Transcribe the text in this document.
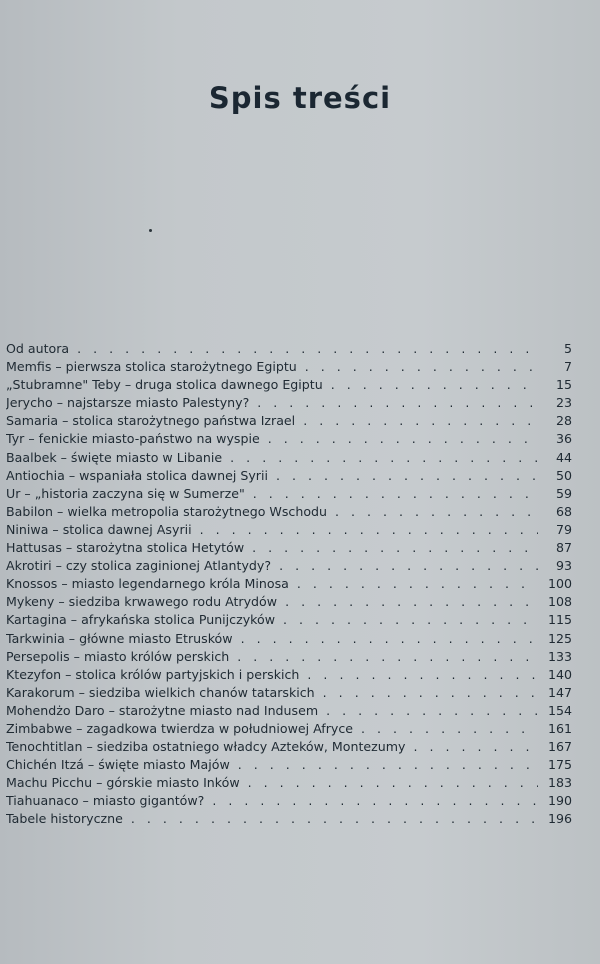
Spis treści
Od autora . . .	5
Memfis – pierwsza stolica starożytnego Egiptu . . .	7
„Stubramne" Teby – druga stolica dawnego Egiptu . . .	15
Jerycho – najstarsze miasto Palestyny? . . .	23
Samaria – stolica starożytnego państwa Izrael . . .	28
Tyr – fenickie miasto-państwo na wyspie . . .	36
Baalbek – święte miasto w Libanie . . .	44
Antiochia – wspaniała stolica dawnej Syrii . . .	50
Ur – „historia zaczyna się w Sumerze" . . .	59
Babilon – wielka metropolia starożytnego Wschodu . . .	68
Niniwa – stolica dawnej Asyrii . . .	79
Hattusas – starożytna stolica Hetytów . . .	87
Akrotiri – czy stolica zaginionej Atlantydy? . . .	93
Knossos – miasto legendarnego króla Minosa . . .	100
Mykeny – siedziba krwawego rodu Atrydów . . .	108
Kartagina – afrykańska stolica Punijczyków . . .	115
Tarkwinia – główne miasto Etrusków . . .	125
Persepolis – miasto królów perskich . . .	133
Ktezyfon – stolica królów partyjskich i perskich . . .	140
Karakorum – siedziba wielkich chanów tatarskich . . .	147
Mohendżo Daro – starożytne miasto nad Indusem . . .	154
Zimbabwe – zagadkowa twierdza w południowej Afryce . . .	161
Tenochtitlan – siedziba ostatniego władcy Azteków, Montezumy . . .	167
Chichén Itzá – święte miasto Majów . . .	175
Machu Picchu – górskie miasto Inków . . .	183
Tiahuanaco – miasto gigantów? . . .	190
Tabele historyczne . . .	196
